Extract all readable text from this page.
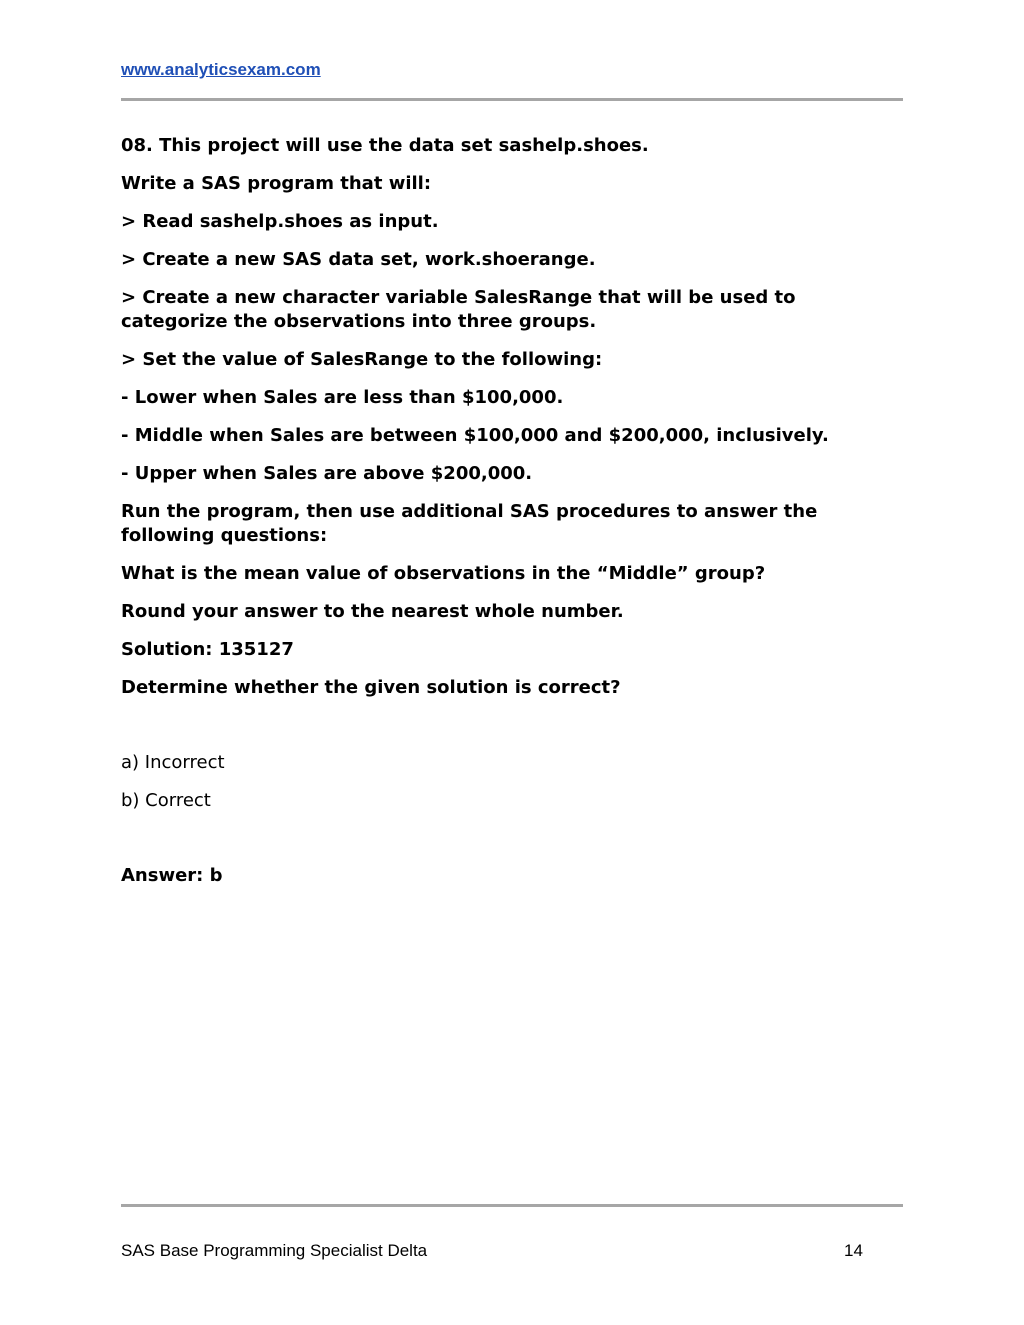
www.analyticsexam.com

08. This project will use the data set sashelp.shoes.

Write a SAS program that will:

> Read sashelp.shoes as input.

> Create a new SAS data set, work.shoerange.

> Create a new character variable SalesRange that will be used to
categorize the observations into three groups.

> Set the value of SalesRange to the following:

- Lower when Sales are less than $100,000.

- Middle when Sales are between $100,000 and $200,000, inclusively.

- Upper when Sales are above $200,000.

Run the program, then use additional SAS procedures to answer the
following questions:

What is the mean value of observations in the “Middle” group?

Round your answer to the nearest whole number.

Solution: 135127

Determine whether the given solution is correct?

a) Incorrect

b) Correct

Answer: b

SAS Base Programming Specialist Delta	14
